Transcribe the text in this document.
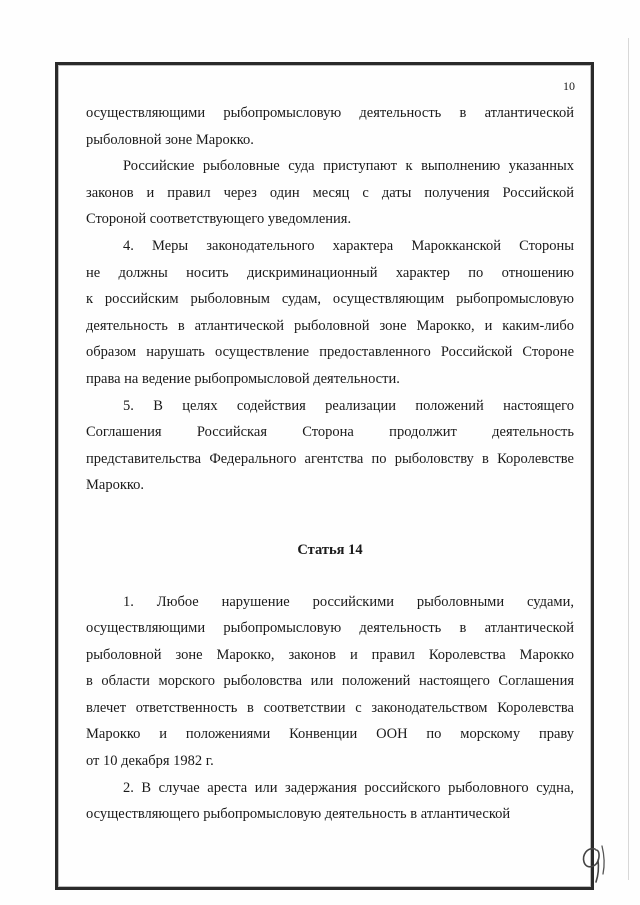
10
осуществляющими рыбопромысловую деятельность в атлантической
рыболовной зоне Марокко.
Российские рыболовные суда приступают к выполнению указанных
законов и правил через один месяц с даты получения Российской
Стороной соответствующего уведомления.
4. Меры законодательного характера Марокканской Стороны
не должны носить дискриминационный характер по отношению
к российским рыболовным судам, осуществляющим рыбопромысловую
деятельность в атлантической рыболовной зоне Марокко, и каким-либо
образом нарушать осуществление предоставленного Российской Стороне
права на ведение рыбопромысловой деятельности.
5. В целях содействия реализации положений настоящего
Соглашения Российская Сторона продолжит деятельность
представительства Федерального агентства по рыболовству в Королевстве
Марокко.

Статья 14

1. Любое нарушение российскими рыболовными судами,
осуществляющими рыбопромысловую деятельность в атлантической
рыболовной зоне Марокко, законов и правил Королевства Марокко
в области морского рыболовства или положений настоящего Соглашения
влечет ответственность в соответствии с законодательством Королевства
Марокко и положениями Конвенции ООН по морскому праву
от 10 декабря 1982 г.
2. В случае ареста или задержания российского рыболовного судна,
осуществляющего рыбопромысловую деятельность в атлантической
